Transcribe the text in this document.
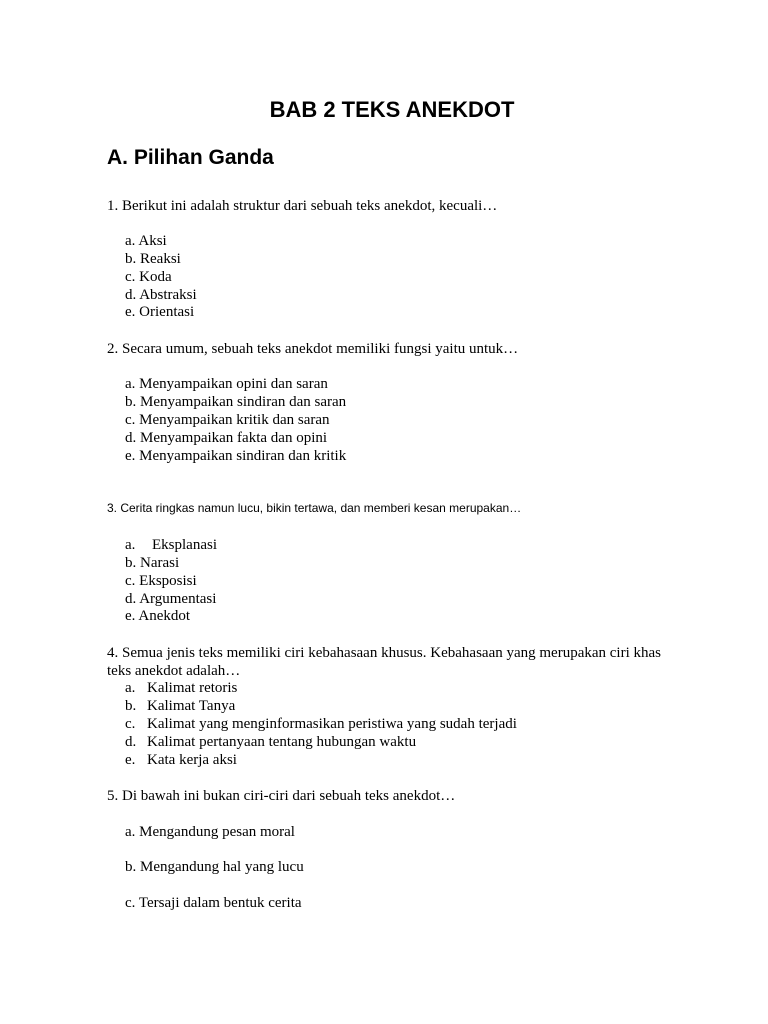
BAB 2 TEKS ANEKDOT
A. Pilihan Ganda
1. Berikut ini adalah struktur dari sebuah teks anekdot, kecuali…
a. Aksi
b. Reaksi
c. Koda
d. Abstraksi
e. Orientasi
2. Secara umum, sebuah teks anekdot memiliki fungsi yaitu untuk…
a. Menyampaikan opini dan saran
b. Menyampaikan sindiran dan saran
c. Menyampaikan kritik dan saran
d. Menyampaikan fakta dan opini
e. Menyampaikan sindiran dan kritik
3. Cerita ringkas namun lucu, bikin tertawa, dan memberi kesan merupakan…
a. Eksplanasi
b. Narasi
c. Eksposisi
d. Argumentasi
e. Anekdot
4. Semua jenis teks memiliki ciri kebahasaan khusus. Kebahasaan yang merupakan ciri khas
teks anekdot adalah…
a. Kalimat retoris
b. Kalimat Tanya
c. Kalimat yang menginformasikan peristiwa yang sudah terjadi
d. Kalimat pertanyaan tentang hubungan waktu
e. Kata kerja aksi
5. Di bawah ini bukan ciri-ciri dari sebuah teks anekdot…
a. Mengandung pesan moral
b. Mengandung hal yang lucu
c. Tersaji dalam bentuk cerita
